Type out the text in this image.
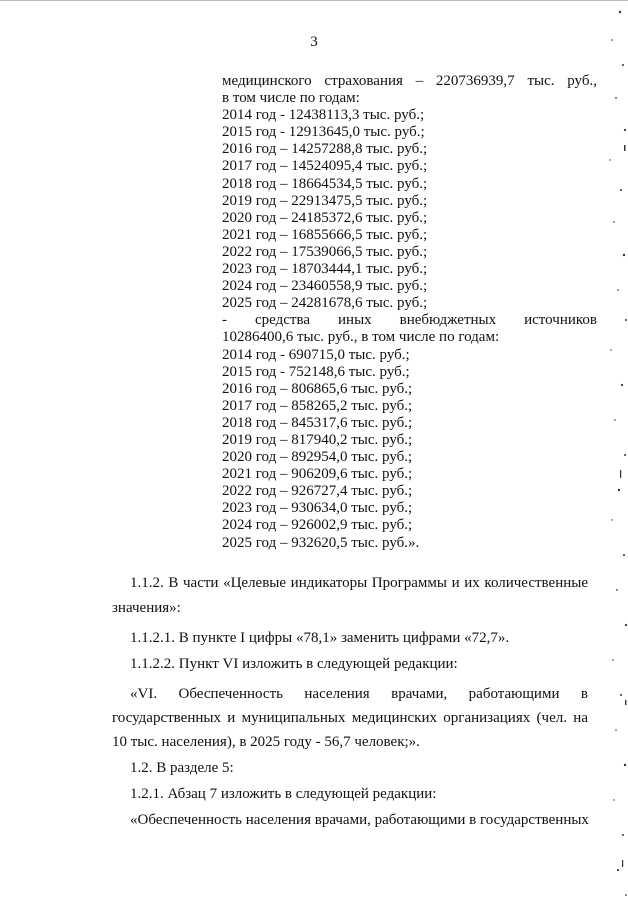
3
медицинского страхования – 220736939,7 тыс. руб.,
в том числе по годам:
2014 год - 12438113,3 тыс. руб.;
2015 год - 12913645,0 тыс. руб.;
2016 год – 14257288,8 тыс. руб.;
2017 год – 14524095,4 тыс. руб.;
2018 год – 18664534,5 тыс. руб.;
2019 год – 22913475,5 тыс. руб.;
2020 год – 24185372,6 тыс. руб.;
2021 год – 16855666,5 тыс. руб.;
2022 год – 17539066,5 тыс. руб.;
2023 год – 18703444,1 тыс. руб.;
2024 год – 23460558,9 тыс. руб.;
2025 год – 24281678,6 тыс. руб.;
- средства иных внебюджетных источников
10286400,6 тыс. руб., в том числе по годам:
2014 год - 690715,0 тыс. руб.;
2015 год - 752148,6 тыс. руб.;
2016 год – 806865,6 тыс. руб.;
2017 год – 858265,2 тыс. руб.;
2018 год – 845317,6 тыс. руб.;
2019 год – 817940,2 тыс. руб.;
2020 год – 892954,0 тыс. руб.;
2021 год – 906209,6 тыс. руб.;
2022 год – 926727,4 тыс. руб.;
2023 год – 930634,0 тыс. руб.;
2024 год – 926002,9 тыс. руб.;
2025 год – 932620,5 тыс. руб.».
1.1.2. В части «Целевые индикаторы Программы и их количественные
значения»:
1.1.2.1. В пункте I цифры «78,1» заменить цифрами «72,7».
1.1.2.2. Пункт VI изложить в следующей редакции:
«VI. Обеспеченность населения врачами, работающими в государственных и муниципальных медицинских организациях (чел. на 10 тыс. населения), в 2025 году - 56,7 человек;».
1.2. В разделе 5:
1.2.1. Абзац 7 изложить в следующей редакции:
«Обеспеченность населения врачами, работающими в государственных
